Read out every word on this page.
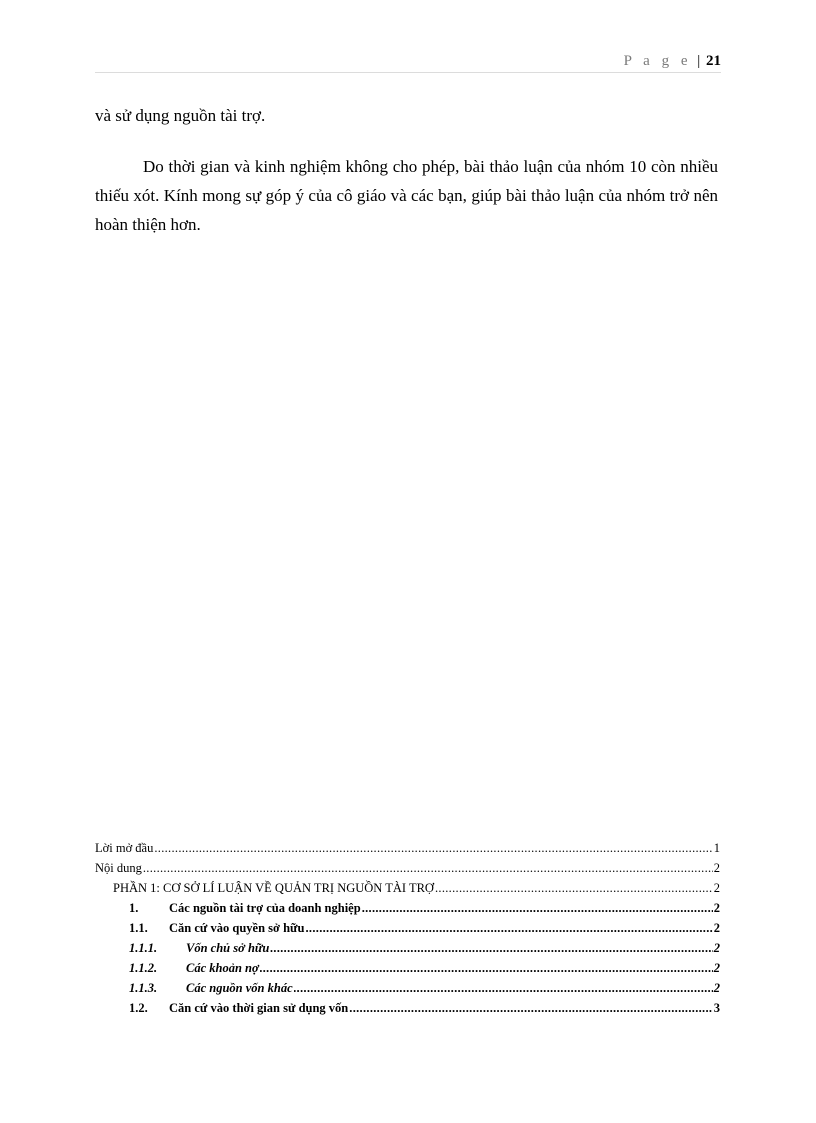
P a g e | 21

và sử dụng nguồn tài trợ.

Do thời gian và kinh nghiệm không cho phép, bài thảo luận của nhóm 10 còn nhiều thiếu xót. Kính mong sự góp ý của cô giáo và các bạn, giúp bài thảo luận của nhóm trở nên hoàn thiện hơn.

Lời mở đầu .....	1
Nội dung .....	2
PHẦN 1: CƠ SỞ LÍ LUẬN VỀ QUẢN TRỊ NGUỒN TÀI TRỢ .....	2
1. Các nguồn tài trợ của doanh nghiệp .....	2
1.1. Căn cứ vào quyền sở hữu .....	2
1.1.1. Vốn chủ sở hữu .....	2
1.1.2. Các khoản nợ .....	2
1.1.3. Các nguồn vốn khác .....	2
1.2. Căn cứ vào thời gian sử dụng vốn .....	3
